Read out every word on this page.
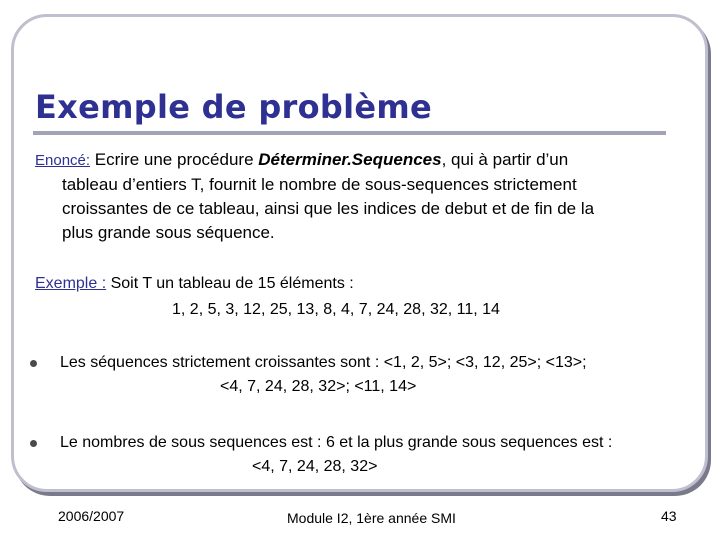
Exemple de problème
Enoncé: Ecrire une procédure Déterminer.Sequences, qui à partir d’un
tableau d’entiers T, fournit le nombre de sous-sequences strictement
croissantes de ce tableau, ainsi que les indices de debut et de fin de la
plus grande sous séquence.
Exemple : Soit T un tableau de 15 éléments :
1, 2, 5, 3, 12, 25, 13, 8, 4, 7, 24, 28, 32, 11, 14
Les séquences strictement croissantes sont : <1, 2, 5>; <3, 12, 25>; <13>;
<4, 7, 24, 28, 32>; <11, 14>
Le nombres de sous sequences est : 6 et la plus grande sous sequences est :
<4, 7, 24, 28, 32>
2006/2007	Module I2, 1ère année SMI	43
